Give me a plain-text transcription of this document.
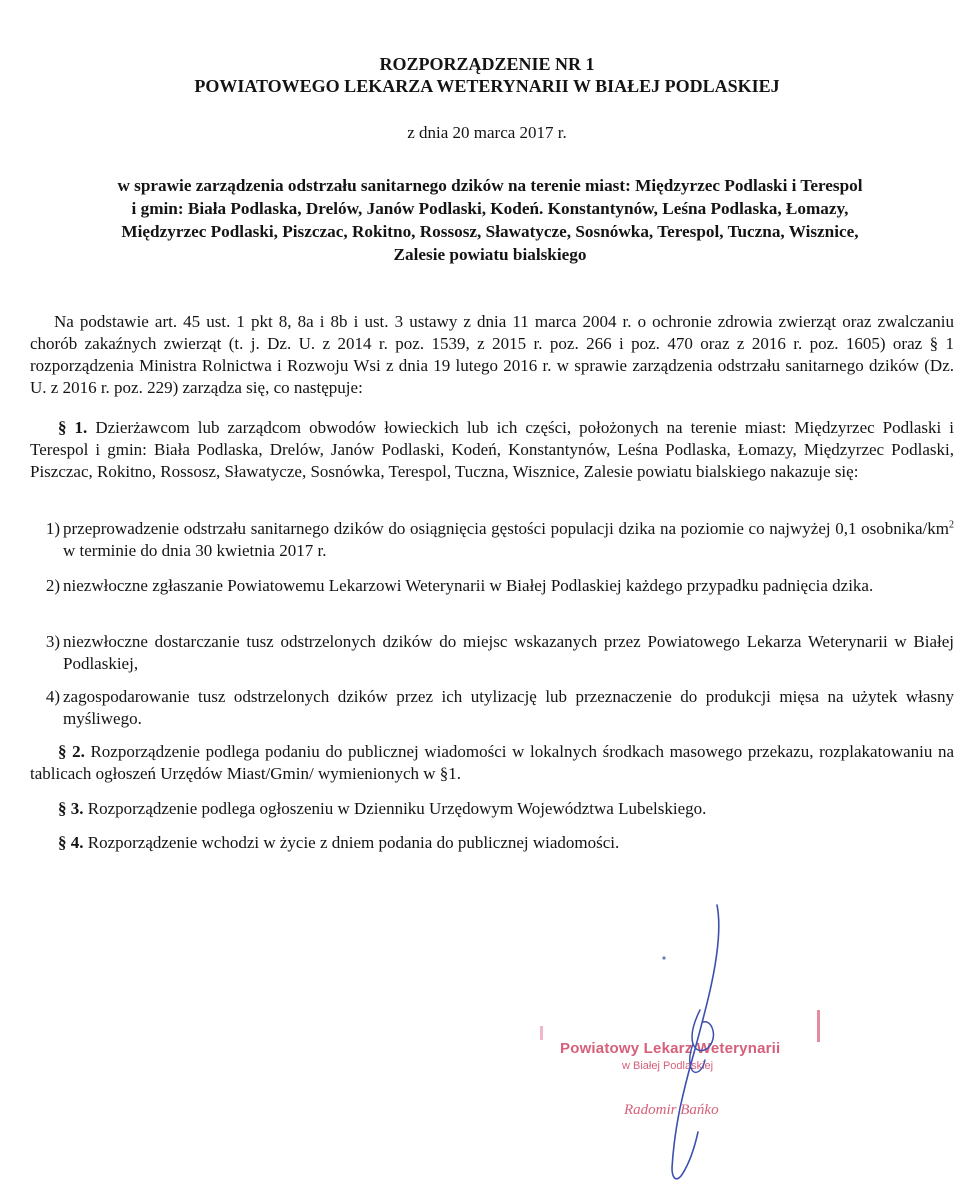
ROZPORZĄDZENIE NR 1
POWIATOWEGO LEKARZA WETERYNARII W BIAŁEJ PODLASKIEJ
z dnia 20 marca 2017 r.
w sprawie zarządzenia odstrzału sanitarnego dzików na terenie miast: Międzyrzec Podlaski i Terespol
i gmin: Biała Podlaska, Drelów, Janów Podlaski, Kodeń. Konstantynów, Leśna Podlaska, Łomazy,
Międzyrzec Podlaski, Piszczac, Rokitno, Rossosz, Sławatycze, Sosnówka, Terespol, Tuczna, Wisznice,
Zalesie powiatu bialskiego
Na podstawie art. 45 ust. 1 pkt 8, 8a i 8b i ust. 3 ustawy z dnia 11 marca 2004 r. o ochronie zdrowia zwierząt oraz zwalczaniu chorób zakaźnych zwierząt (t. j. Dz. U. z 2014 r. poz. 1539, z 2015 r. poz. 266 i poz. 470 oraz z 2016 r. poz. 1605) oraz § 1 rozporządzenia Ministra Rolnictwa i Rozwoju Wsi z dnia 19 lutego 2016 r. w sprawie zarządzenia odstrzału sanitarnego dzików (Dz. U. z 2016 r. poz. 229) zarządza się, co następuje:
§ 1. Dzierżawcom lub zarządcom obwodów łowieckich lub ich części, położonych na terenie miast: Międzyrzec Podlaski i Terespol i gmin: Biała Podlaska, Drelów, Janów Podlaski, Kodeń, Konstantynów, Leśna Podlaska, Łomazy, Międzyrzec Podlaski, Piszczac, Rokitno, Rossosz, Sławatycze, Sosnówka, Terespol, Tuczna, Wisznice, Zalesie powiatu bialskiego nakazuje się:
1) przeprowadzenie odstrzału sanitarnego dzików do osiągnięcia gęstości populacji dzika na poziomie co najwyżej 0,1 osobnika/$km^2$ w terminie do dnia 30 kwietnia 2017 r.
2) niezwłoczne zgłaszanie Powiatowemu Lekarzowi Weterynarii w Białej Podlaskiej każdego przypadku padnięcia dzika.
3) niezwłoczne dostarczanie tusz odstrzelonych dzików do miejsc wskazanych przez Powiatowego Lekarza Weterynarii w Białej Podlaskiej,
4) zagospodarowanie tusz odstrzelonych dzików przez ich utylizację lub przeznaczenie do produkcji mięsa na użytek własny myśliwego.
§ 2. Rozporządzenie podlega podaniu do publicznej wiadomości w lokalnych środkach masowego przekazu, rozplakatowaniu na tablicach ogłoszeń Urzędów Miast/Gmin/ wymienionych w §1.
§ 3. Rozporządzenie podlega ogłoszeniu w Dzienniku Urzędowym Województwa Lubelskiego.
§ 4. Rozporządzenie wchodzi w życie z dniem podania do publicznej wiadomości.
Powiatowy Lekarz Weterynarii
w Białej Podlaskiej
Radomir Bańko
